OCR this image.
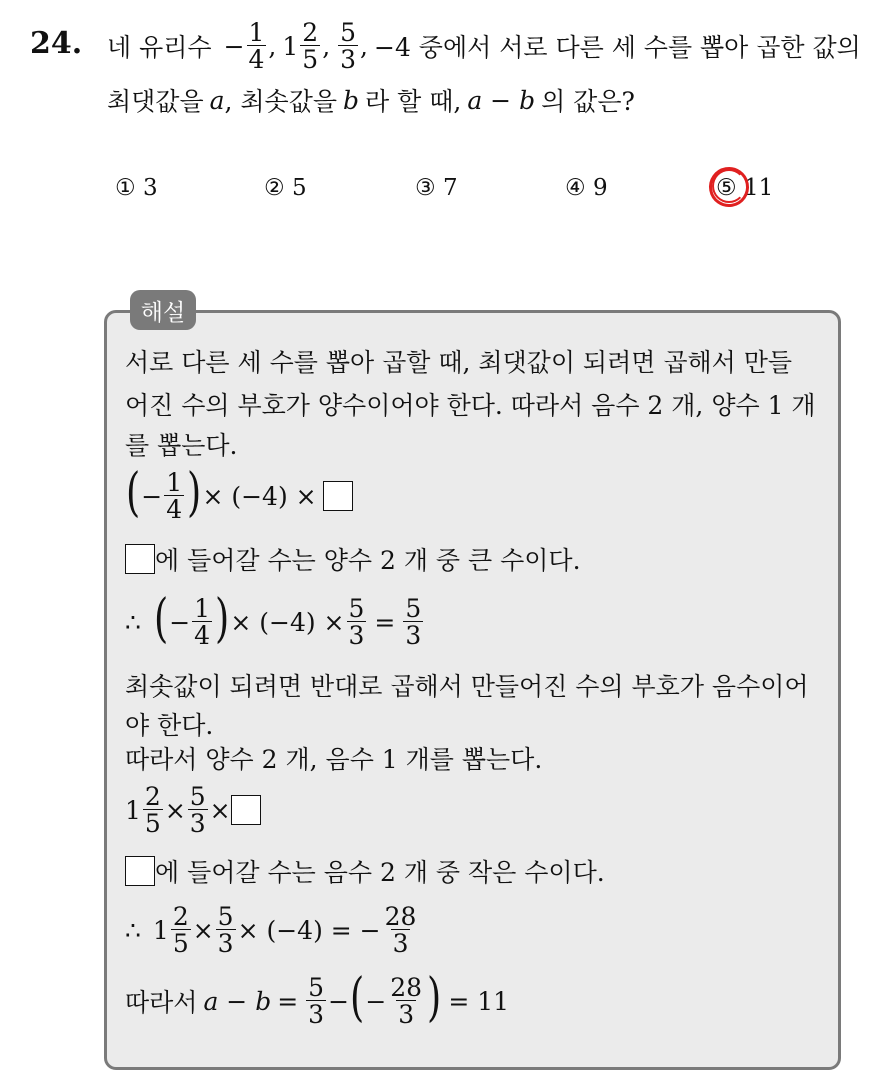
24. 네 유리수 − $\frac{1}{4}$ , $1 \frac{2}{5}$ , $\frac{5}{3}$ , −4 중에서 서로 다른 세 수를 뽑아 곱한 값의
최댓값을 a , 최솟값을 b 라 할 때, a − b 의 값은?
① 3	② 5	③ 7	④ 9	⑤ 11
해설
서로 다른 세 수를 뽑아 곱할 때, 최댓값이 되려면 곱해서 만들
어진 수의 부호가 양수이어야 한다. 따라서 음수 2 개, 양수 1 개
를 뽑는다.
( − $\frac{1}{4}$ ) × (−4) ×
에 들어갈 수는 양수 2 개 중 큰 수이다.
∴ ( − $\frac{1}{4}$ ) × $(-4) \times \frac{5}{3} = \frac{5}{3}$
최솟값이 되려면 반대로 곱해서 만들어진 수의 부호가 음수이어
야 한다.
따라서 양수 2 개, 음수 1 개를 뽑는다.
$1 \frac{2}{5} \times \frac{5}{3}$ ×
에 들어갈 수는 음수 2 개 중 작은 수이다.
∴ $1 \frac{2}{5} \times \frac{5}{3} \times (-4)$ = − $\frac{28}{3}$
따라서 $a - b = \frac{5}{3}$ − ( − $\frac{28}{3}$ ) = 11
